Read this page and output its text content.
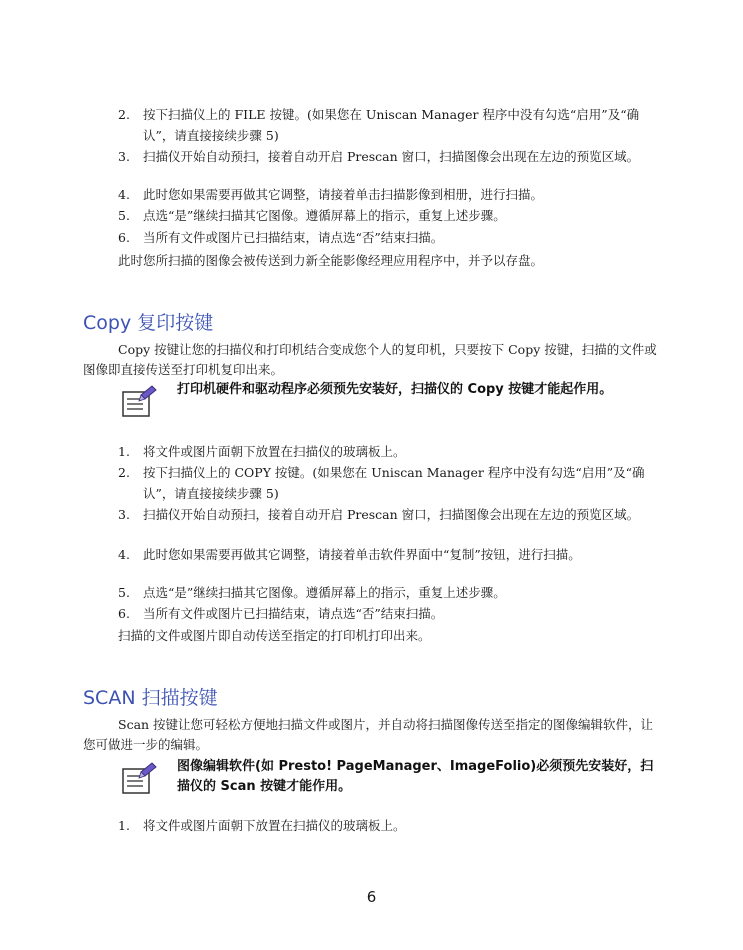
2. 按下扫描仪上的 FILE 按键。(如果您在 Uniscan Manager 程序中没有勾选“启用”及“确认”，请直接接续步骤 5)
3. 扫描仪开始自动预扫，接着自动开启 Prescan 窗口，扫描图像会出现在左边的预览区域。
4. 此时您如果需要再做其它调整，请接着单击扫描影像到相册，进行扫描。
5. 点选“是”继续扫描其它图像。遵循屏幕上的指示，重复上述步骤。
6. 当所有文件或图片已扫描结束，请点选“否”结束扫描。
此时您所扫描的图像会被传送到力新全能影像经理应用程序中，并予以存盘。
Copy 复印按键
Copy 按键让您的扫描仪和打印机结合变成您个人的复印机，只要按下 Copy 按键，扫描的文件或图像即直接传送至打印机复印出来。
打印机硬件和驱动程序必须预先安装好，扫描仪的 Copy 按键才能起作用。
1. 将文件或图片面朝下放置在扫描仪的玻璃板上。
2. 按下扫描仪上的 COPY 按键。(如果您在 Uniscan Manager 程序中没有勾选“启用”及“确认”，请直接接续步骤 5)
3. 扫描仪开始自动预扫，接着自动开启 Prescan 窗口，扫描图像会出现在左边的预览区域。
4. 此时您如果需要再做其它调整，请接着单击软件界面中“复制”按钮，进行扫描。
5. 点选“是”继续扫描其它图像。遵循屏幕上的指示，重复上述步骤。
6. 当所有文件或图片已扫描结束，请点选“否”结束扫描。
扫描的文件或图片即自动传送至指定的打印机打印出来。
SCAN 扫描按键
Scan 按键让您可轻松方便地扫描文件或图片，并自动将扫描图像传送至指定的图像编辑软件，让您可做进一步的编辑。
图像编辑软件(如 Presto! PageManager、ImageFolio)必须预先安装好，扫描仪的 Scan 按键才能作用。
1. 将文件或图片面朝下放置在扫描仪的玻璃板上。
6
